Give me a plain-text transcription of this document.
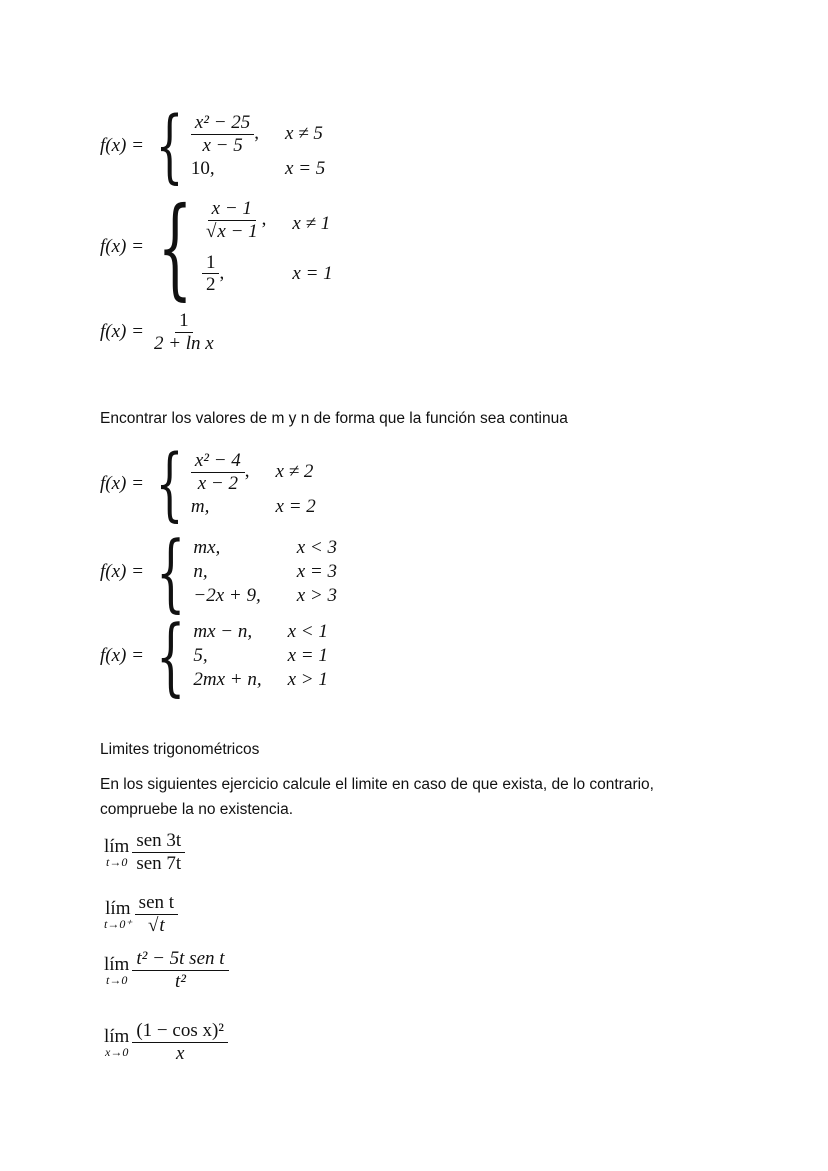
f(x) = { $\frac{\text{x² − 25}}{x - 5}$ ,	x ≠ 5
10,	x = 5
f(x) = { $\frac{x - 1}{√x - 1}$ ,	x ≠ 1

$\frac{1}{2}$ ,	x = 1
$f(x) = \frac{1}{\text{2 + ln x}}$
Encontrar los valores de m y n de forma que la función sea continua
f(x) = { $\frac{\text{x² − 4}}{x - 2}$ ,	x ≠ 2
m,	x = 2
f(x) = { mx,	x < 3
n,	x = 3
−2x + 9,	x > 3
f(x) = { mx − n,	x < 1
5,	x = 1
2mx + n,	x > 1
Limites trigonométricos
En los siguientes ejercicio calcule el limite en caso de que exista, de lo contrario,
compruebe la no existencia.
lím
$t\to 0 \frac{\text{sen 3t}}{\text{sen 7t}}$
lím
$t\to 0^+ \frac{\text{sen t}}{√t}$
lím
$t\to 0 \frac{\text{t² − 5t sen t}}{\text{t²}}$
lím
$x\to 0 \frac{\text{(1 − cos x)²}}{x}$
